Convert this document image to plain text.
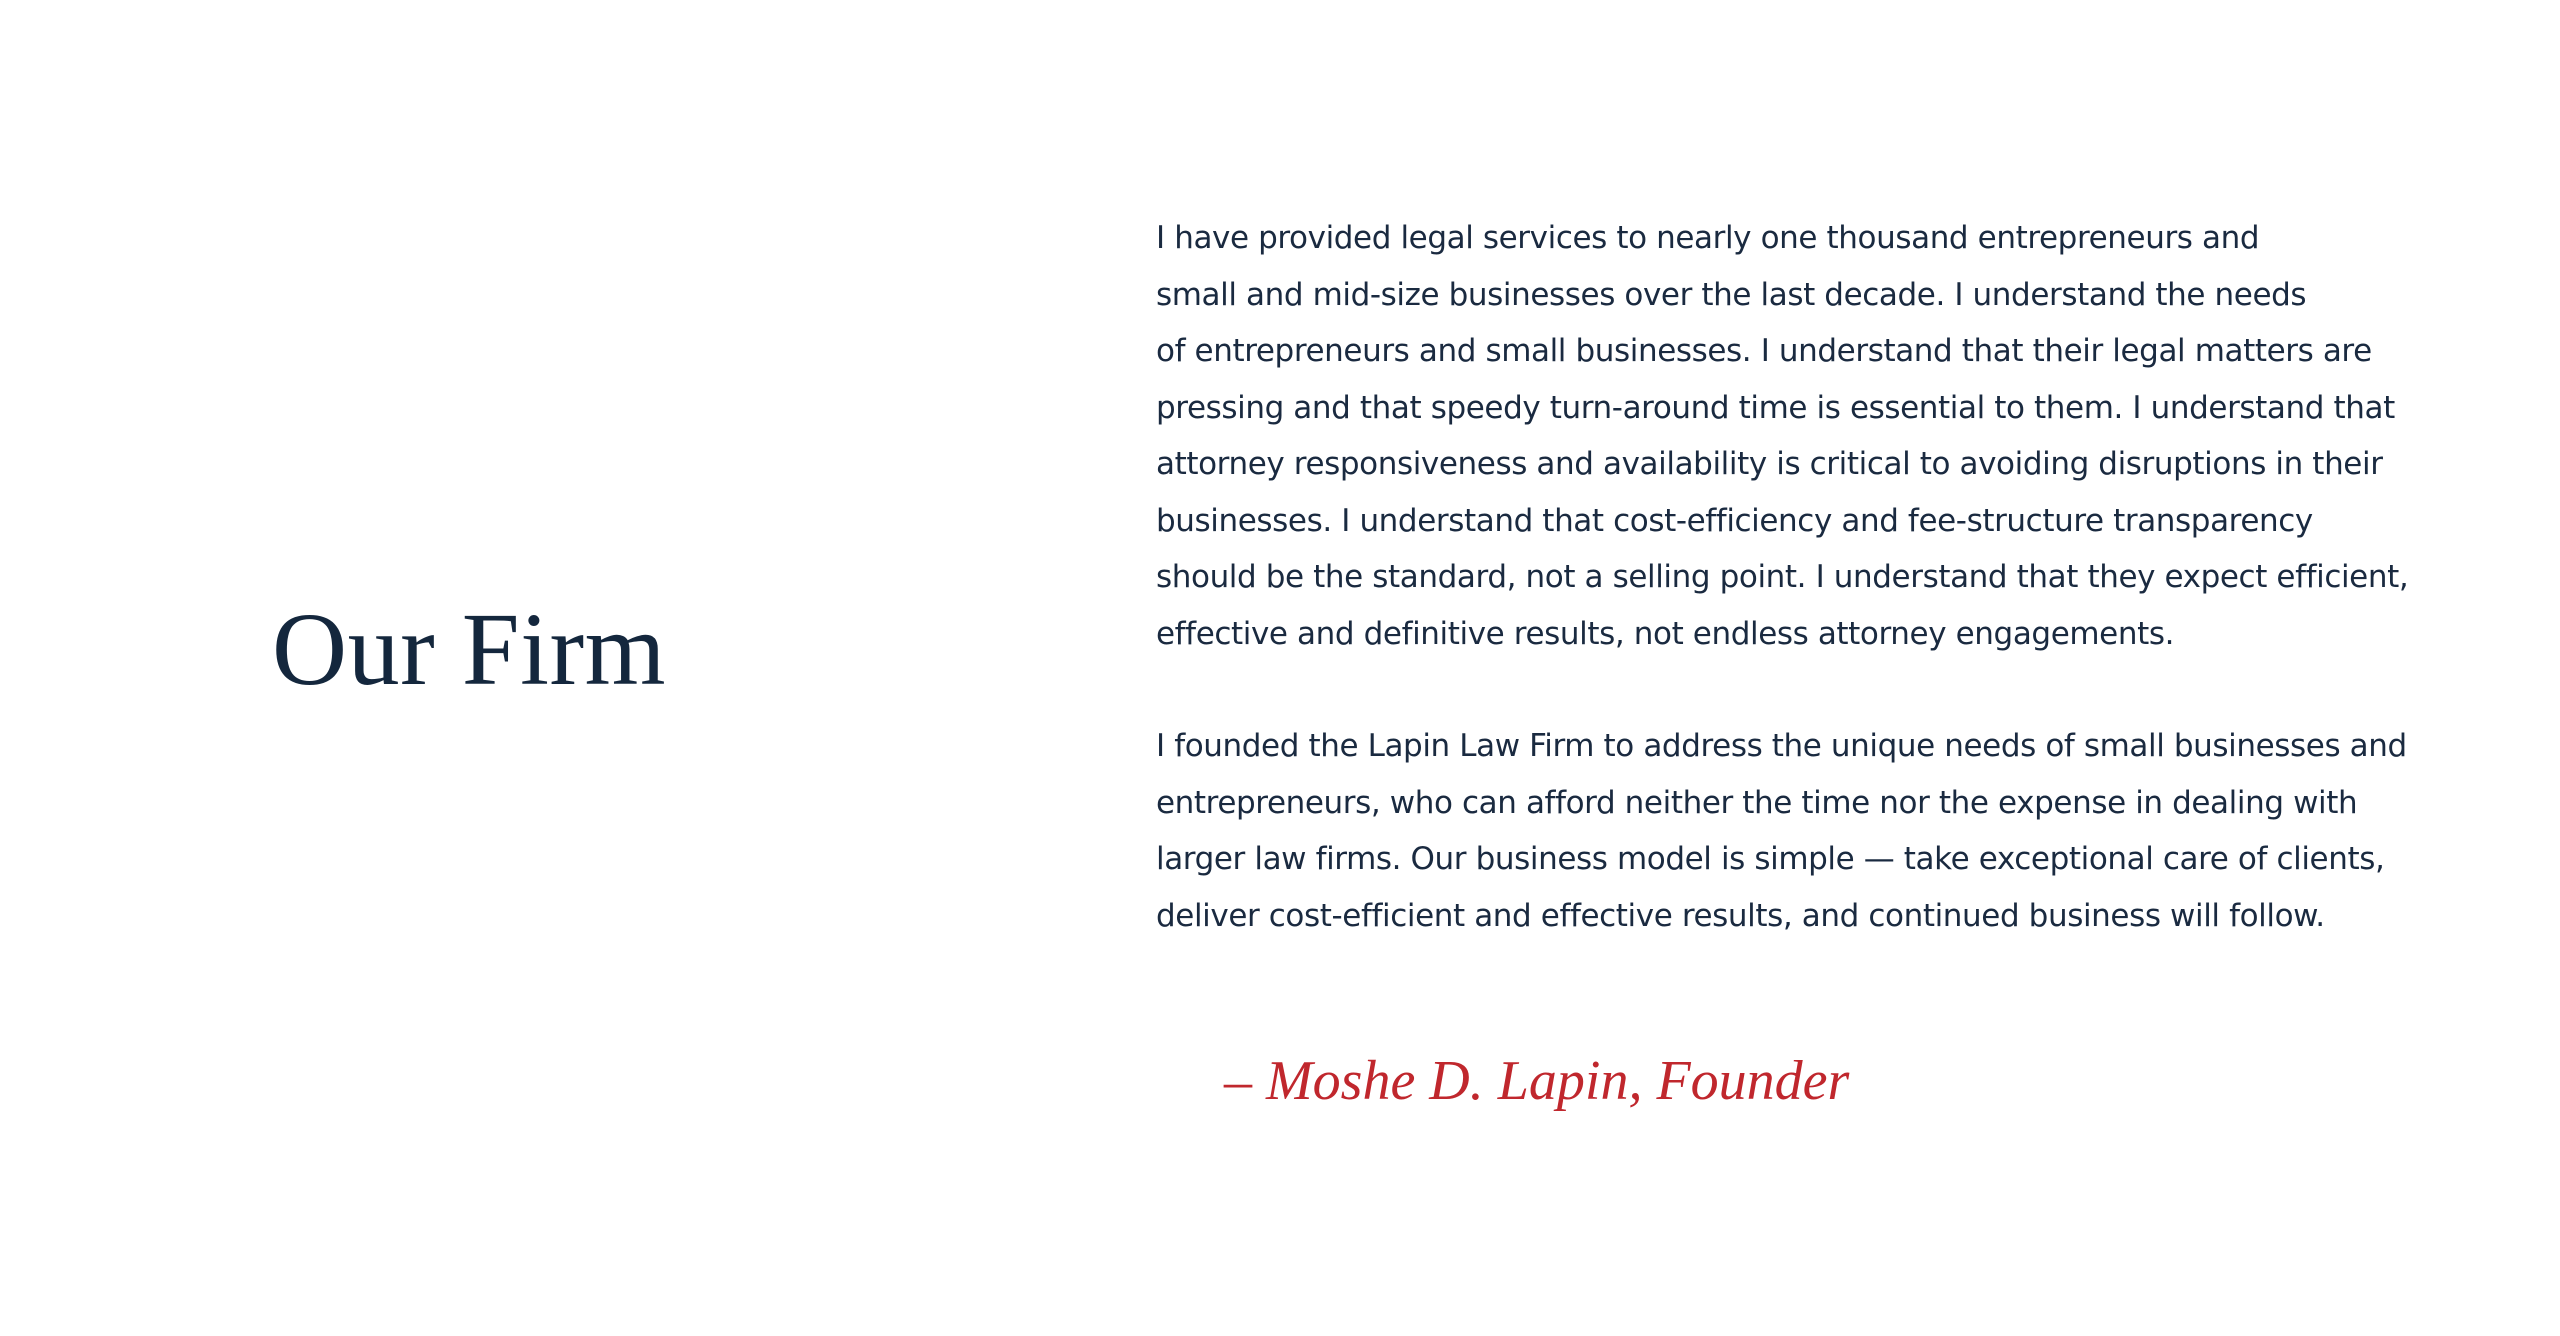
Our Firm

I have provided legal services to nearly one thousand entrepreneurs and
small and mid-size businesses over the last decade. I understand the needs
of entrepreneurs and small businesses. I understand that their legal matters are
pressing and that speedy turn-around time is essential to them. I understand that
attorney responsiveness and availability is critical to avoiding disruptions in their
businesses. I understand that cost-efficiency and fee-structure transparency
should be the standard, not a selling point. I understand that they expect efficient,
effective and definitive results, not endless attorney engagements.

I founded the Lapin Law Firm to address the unique needs of small businesses and
entrepreneurs, who can afford neither the time nor the expense in dealing with
larger law firms. Our business model is simple — take exceptional care of clients,
deliver cost-efficient and effective results, and continued business will follow.

– Moshe D. Lapin, Founder
